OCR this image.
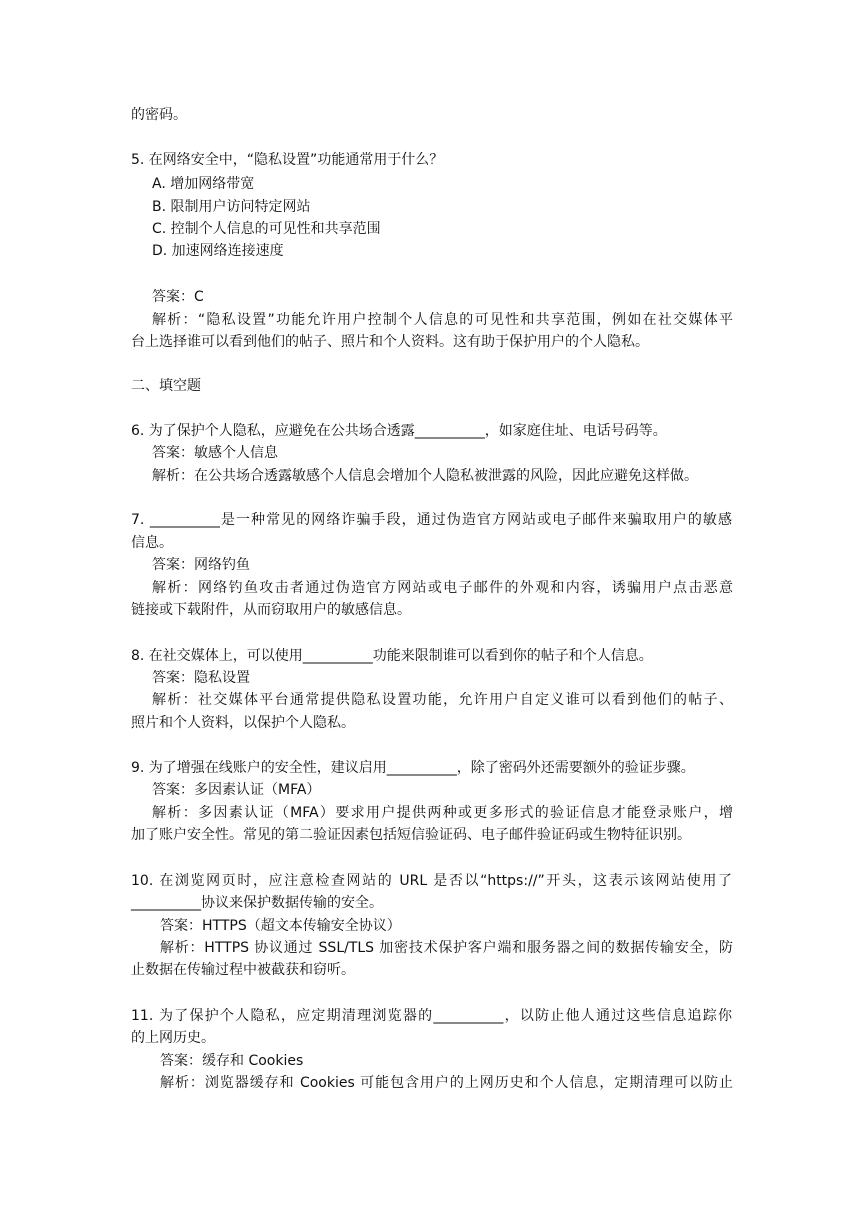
的密码。
5. 在网络安全中，“隐私设置”功能通常用于什么？
A. 增加网络带宽
B. 限制用户访问特定网站
C. 控制个人信息的可见性和共享范围
D. 加速网络连接速度
答案：C
解析：“隐私设置”功能允许用户控制个人信息的可见性和共享范围，例如在社交媒体平
台上选择谁可以看到他们的帖子、照片和个人资料。这有助于保护用户的个人隐私。
二、填空题
6. 为了保护个人隐私，应避免在公共场合透露__________，如家庭住址、电话号码等。
答案：敏感个人信息
解析：在公共场合透露敏感个人信息会增加个人隐私被泄露的风险，因此应避免这样做。
7. __________是一种常见的网络诈骗手段，通过伪造官方网站或电子邮件来骗取用户的敏感
信息。
答案：网络钓鱼
解析：网络钓鱼攻击者通过伪造官方网站或电子邮件的外观和内容，诱骗用户点击恶意
链接或下载附件，从而窃取用户的敏感信息。
8. 在社交媒体上，可以使用__________功能来限制谁可以看到你的帖子和个人信息。
答案：隐私设置
解析：社交媒体平台通常提供隐私设置功能，允许用户自定义谁可以看到他们的帖子、
照片和个人资料，以保护个人隐私。
9. 为了增强在线账户的安全性，建议启用__________，除了密码外还需要额外的验证步骤。
答案：多因素认证（MFA）
解析：多因素认证（MFA）要求用户提供两种或更多形式的验证信息才能登录账户，增
加了账户安全性。常见的第二验证因素包括短信验证码、电子邮件验证码或生物特征识别。
10. 在浏览网页时，应注意检查网站的 URL 是否以“https://”开头，这表示该网站使用了
__________协议来保护数据传输的安全。
答案：HTTPS（超文本传输安全协议）
解析：HTTPS 协议通过 SSL/TLS 加密技术保护客户端和服务器之间的数据传输安全，防
止数据在传输过程中被截获和窃听。
11. 为了保护个人隐私，应定期清理浏览器的__________，以防止他人通过这些信息追踪你
的上网历史。
答案：缓存和 Cookies
解析：浏览器缓存和 Cookies 可能包含用户的上网历史和个人信息，定期清理可以防止
